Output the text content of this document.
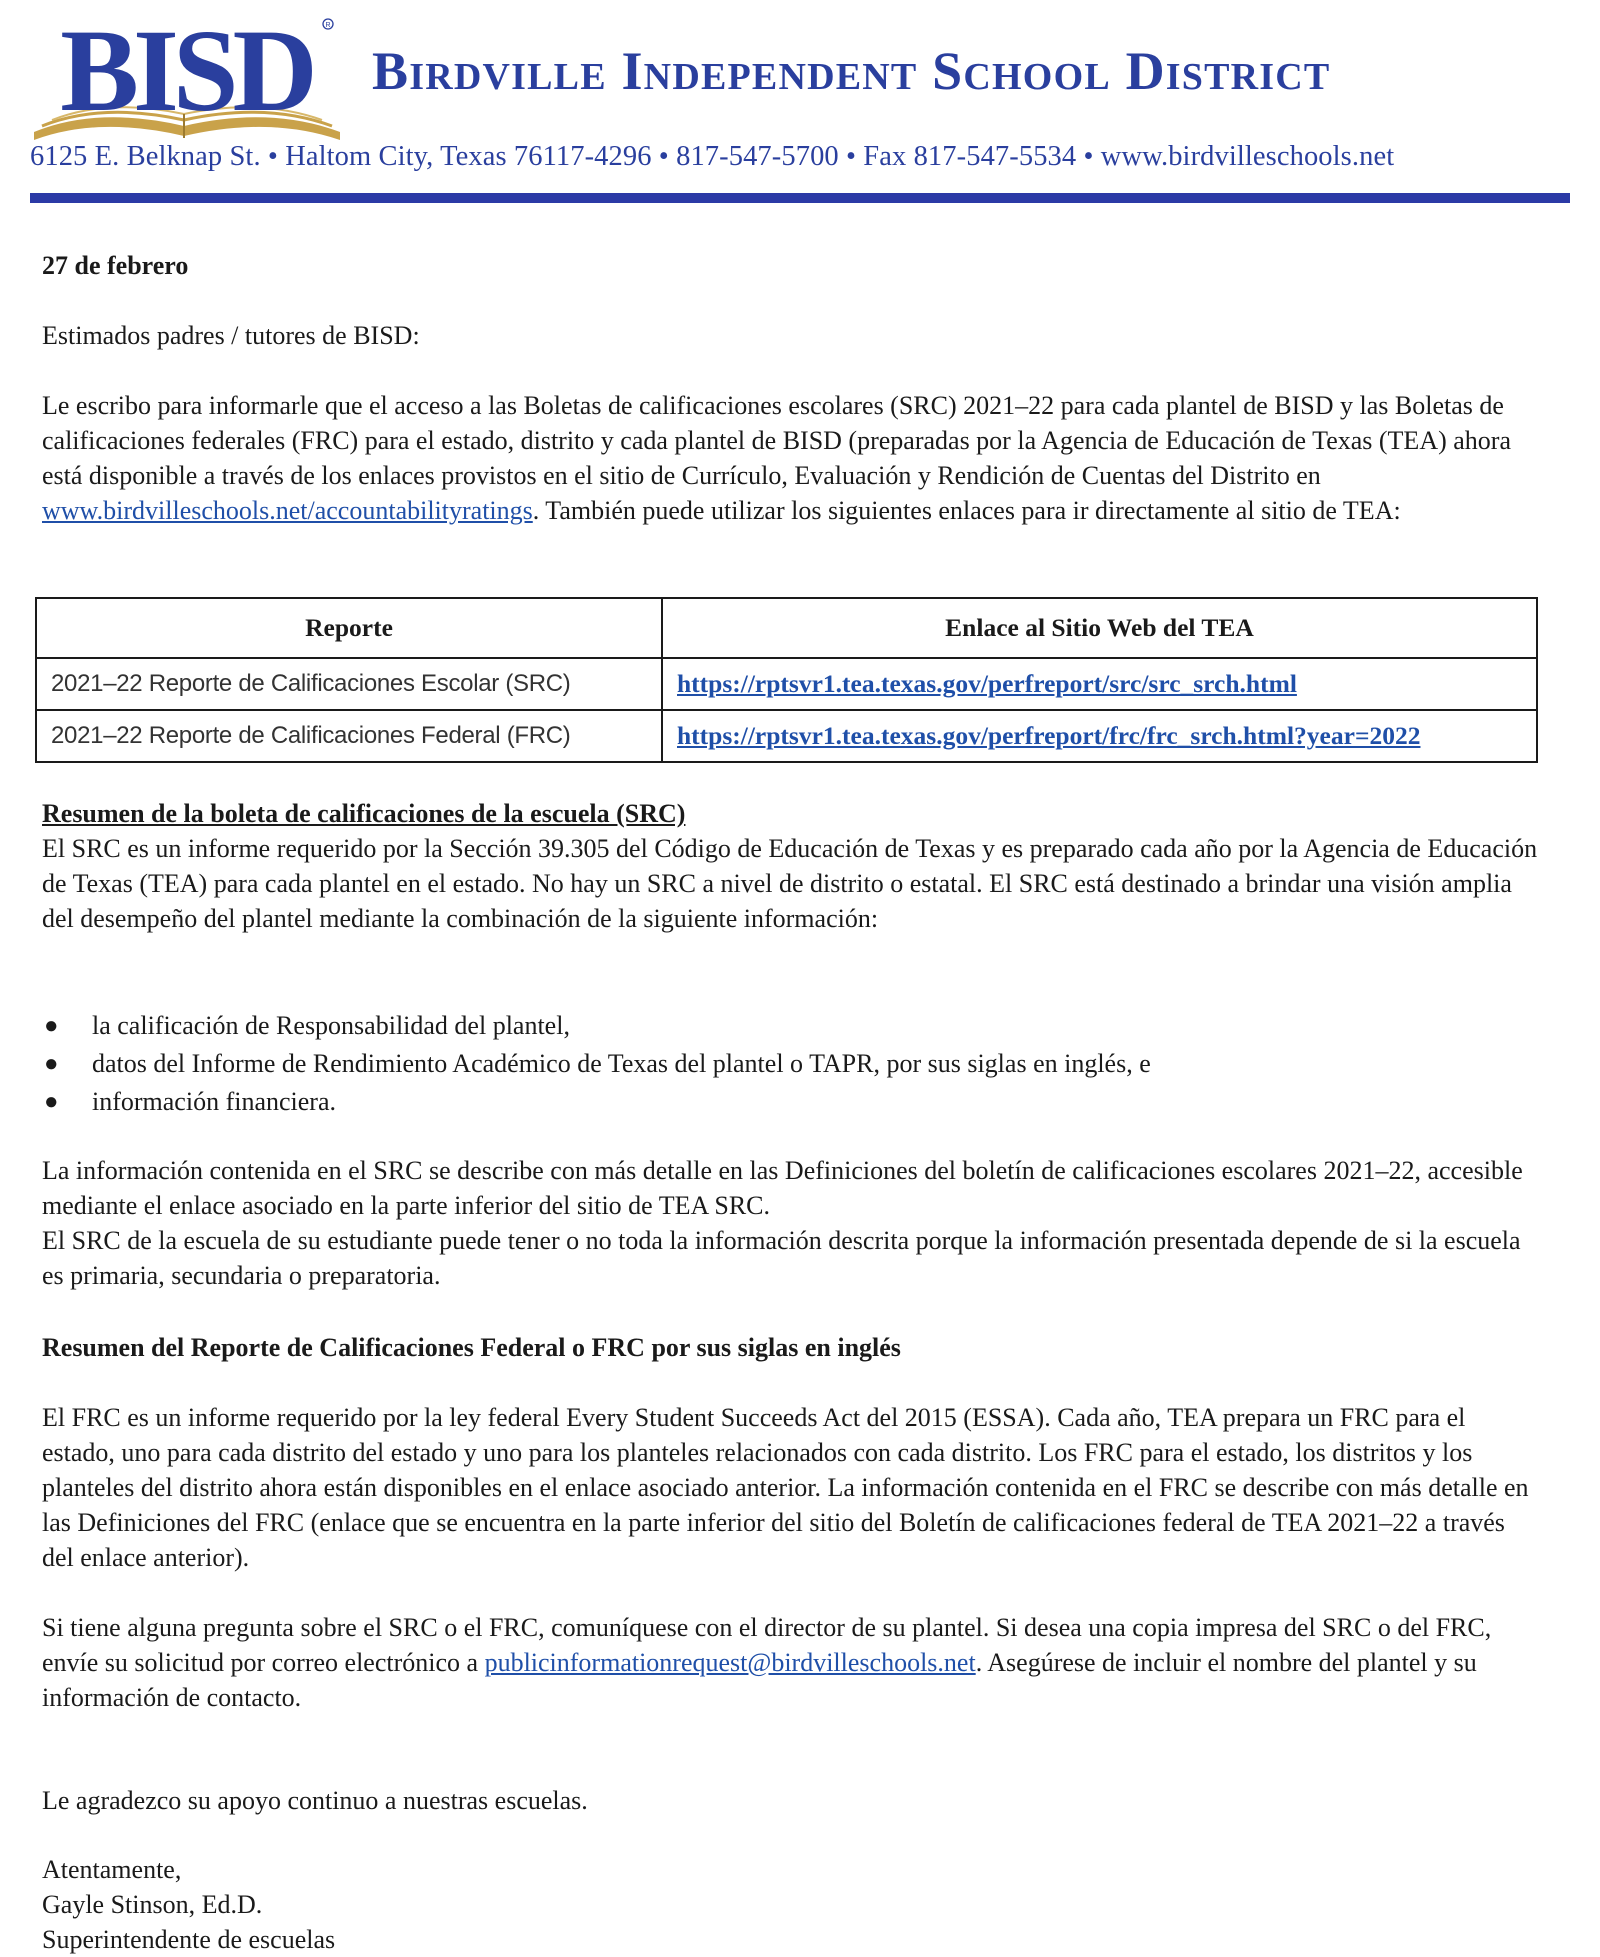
BISD R
Birdville Independent School District
6125 E. Belknap St. • Haltom City, Texas 76117-4296 • 817-547-5700 • Fax 817-547-5534 • www.birdvilleschools.net
27 de febrero
Estimados padres / tutores de BISD:
Le escribo para informarle que el acceso a las Boletas de calificaciones escolares (SRC) 2021–22 para cada plantel de BISD y las Boletas de calificaciones federales (FRC) para el estado, distrito y cada plantel de BISD (preparadas por la Agencia de Educación de Texas (TEA) ahora está disponible a través de los enlaces provistos en el sitio de Currículo, Evaluación y Rendición de Cuentas del Distrito en www.birdvilleschools.net/accountabilityratings. También puede utilizar los siguientes enlaces para ir directamente al sitio de TEA:
Reporte	Enlace al Sitio Web del TEA
2021–22 Reporte de Calificaciones Escolar (SRC)	https://rptsvr1.tea.texas.gov/perfreport/src/src_srch.html
2021–22 Reporte de Calificaciones Federal (FRC)	https://rptsvr1.tea.texas.gov/perfreport/frc/frc_srch.html?year=2022
Resumen de la boleta de calificaciones de la escuela (SRC)
El SRC es un informe requerido por la Sección 39.305 del Código de Educación de Texas y es preparado cada año por la Agencia de Educación de Texas (TEA) para cada plantel en el estado. No hay un SRC a nivel de distrito o estatal. El SRC está destinado a brindar una visión amplia del desempeño del plantel mediante la combinación de la siguiente información:
● la calificación de Responsabilidad del plantel,
● datos del Informe de Rendimiento Académico de Texas del plantel o TAPR, por sus siglas en inglés, e
● información financiera.
La información contenida en el SRC se describe con más detalle en las Definiciones del boletín de calificaciones escolares 2021–22, accesible mediante el enlace asociado en la parte inferior del sitio de TEA SRC.
El SRC de la escuela de su estudiante puede tener o no toda la información descrita porque la información presentada depende de si la escuela es primaria, secundaria o preparatoria.
Resumen del Reporte de Calificaciones Federal o FRC por sus siglas en inglés
El FRC es un informe requerido por la ley federal Every Student Succeeds Act del 2015 (ESSA). Cada año, TEA prepara un FRC para el estado, uno para cada distrito del estado y uno para los planteles relacionados con cada distrito. Los FRC para el estado, los distritos y los planteles del distrito ahora están disponibles en el enlace asociado anterior. La información contenida en el FRC se describe con más detalle en las Definiciones del FRC (enlace que se encuentra en la parte inferior del sitio del Boletín de calificaciones federal de TEA 2021–22 a través del enlace anterior).
Si tiene alguna pregunta sobre el SRC o el FRC, comuníquese con el director de su plantel. Si desea una copia impresa del SRC o del FRC, envíe su solicitud por correo electrónico a publicinformationrequest@birdvilleschools.net. Asegúrese de incluir el nombre del plantel y su información de contacto.
Le agradezco su apoyo continuo a nuestras escuelas.
Atentamente,
Gayle Stinson, Ed.D.
Superintendente de escuelas
